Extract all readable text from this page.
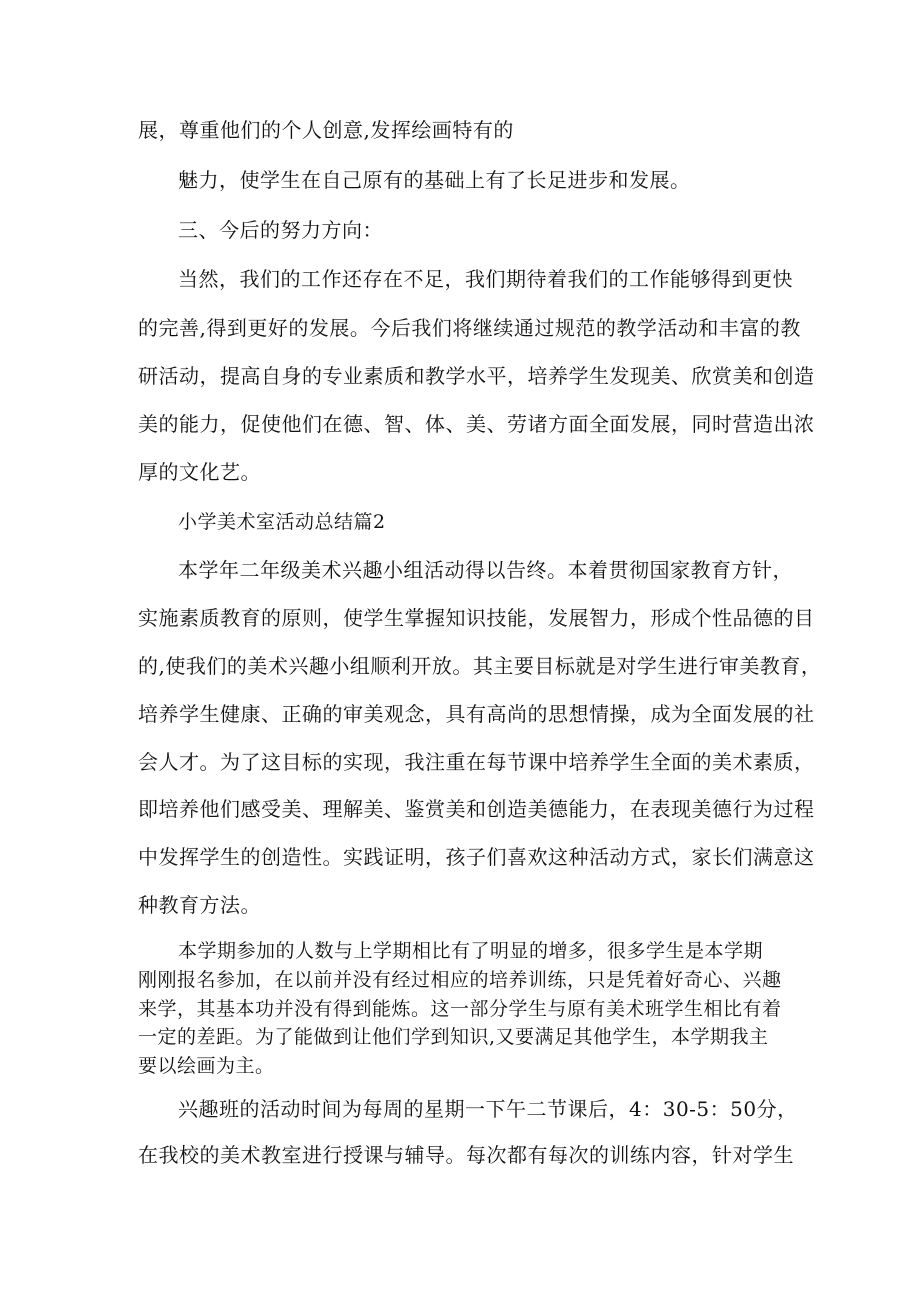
展，尊重他们的个人创意,发挥绘画特有的
魅力，使学生在自己原有的基础上有了长足进步和发展。
三、今后的努力方向：
当然，我们的工作还存在不足，我们期待着我们的工作能够得到更快
的完善,得到更好的发展。今后我们将继续通过规范的教学活动和丰富的教
研活动，提高自身的专业素质和教学水平，培养学生发现美、欣赏美和创造
美的能力，促使他们在德、智、体、美、劳诸方面全面发展，同时营造出浓
厚的文化艺。
小学美术室活动总结篇2
本学年二年级美术兴趣小组活动得以告终。本着贯彻国家教育方针，
实施素质教育的原则，使学生掌握知识技能，发展智力，形成个性品德的目
的,使我们的美术兴趣小组顺利开放。其主要目标就是对学生进行审美教育，
培养学生健康、正确的审美观念，具有高尚的思想情操，成为全面发展的社
会人才。为了这目标的实现，我注重在每节课中培养学生全面的美术素质，
即培养他们感受美、理解美、鉴赏美和创造美德能力，在表现美德行为过程
中发挥学生的创造性。实践证明，孩子们喜欢这种活动方式，家长们满意这
种教育方法。
本学期参加的人数与上学期相比有了明显的增多，很多学生是本学期
刚刚报名参加，在以前并没有经过相应的培养训练，只是凭着好奇心、兴趣
来学，其基本功并没有得到能炼。这一部分学生与原有美术班学生相比有着
一定的差距。为了能做到让他们学到知识,又要满足其他学生，本学期我主
要以绘画为主。
兴趣班的活动时间为每周的星期一下午二节课后，4：30-5：50分，
在我校的美术教室进行授课与辅导。每次都有每次的训练内容，针对学生
